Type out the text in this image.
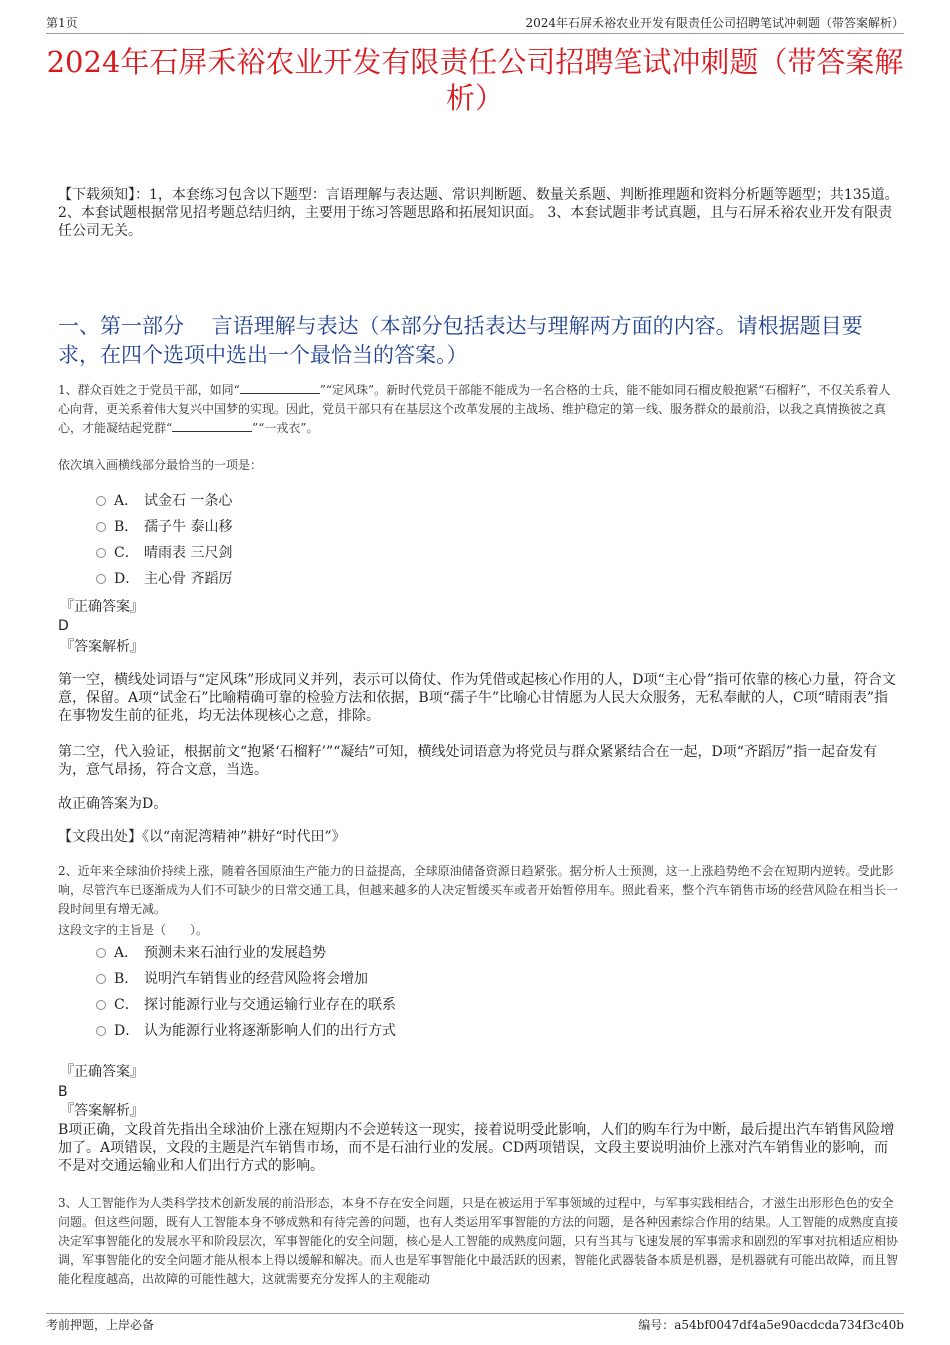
第1页	2024年石屏禾裕农业开发有限责任公司招聘笔试冲刺题（带答案解析）
2024年石屏禾裕农业开发有限责任公司招聘笔试冲刺题（带答案解析）
【下载须知】：1，本套练习包含以下题型：言语理解与表达题、常识判断题、数量关系题、判断推理题和资料分析题等题型；共135道。 2、本套试题根据常见招考题总结归纳，主要用于练习答题思路和拓展知识面。 3、本套试题非考试真题，且与石屏禾裕农业开发有限责任公司无关。
一、第一部分　 言语理解与表达（本部分包括表达与理解两方面的内容。请根据题目要求，在四个选项中选出一个最恰当的答案。）
1、群众百姓之于党员干部，如同“	”“定风珠”。新时代党员干部能不能成为一名合格的士兵，能不能如同石榴皮般抱紧“石榴籽”，不仅关系着人心向背，更关系着伟大复兴中国梦的实现。因此，党员干部只有在基层这个改革发展的主战场、维护稳定的第一线、服务群众的最前沿，以我之真情换彼之真心，才能凝结起党群“	”“一戎衣”。
依次填入画横线部分最恰当的一项是：
A． 试金石 一条心
B． 孺子牛 泰山移
C． 晴雨表 三尺剑
D． 主心骨 齐蹈厉
『正确答案』
D
『答案解析』
第一空，横线处词语与“定风珠”形成同义并列，表示可以倚仗、作为凭借或起核心作用的人，D项“主心骨”指可依靠的核心力量，符合文意，保留。A项“试金石”比喻精确可靠的检验方法和依据，B项“孺子牛”比喻心甘情愿为人民大众服务，无私奉献的人，C项“晴雨表”指在事物发生前的征兆，均无法体现核心之意，排除。
第二空，代入验证，根据前文“抱紧‘石榴籽’”“凝结”可知，横线处词语意为将党员与群众紧紧结合在一起，D项“齐蹈厉”指一起奋发有为，意气昂扬，符合文意，当选。
故正确答案为D。
【文段出处】《以“南泥湾精神”耕好“时代田”》
2、近年来全球油价持续上涨，随着各国原油生产能力的日益提高，全球原油储备资源日趋紧张。据分析人士预测，这一上涨趋势绝不会在短期内逆转。受此影响，尽管汽车已逐渐成为人们不可缺少的日常交通工具，但越来越多的人决定暂缓买车或者开始暂停用车。照此看来，整个汽车销售市场的经营风险在相当长一段时间里有增无减。
这段文字的主旨是（　　）。
A． 预测未来石油行业的发展趋势
B． 说明汽车销售业的经营风险将会增加
C． 探讨能源行业与交通运输行业存在的联系
D． 认为能源行业将逐渐影响人们的出行方式
『正确答案』
B
『答案解析』
B项正确，文段首先指出全球油价上涨在短期内不会逆转这一现实，接着说明受此影响，人们的购车行为中断，最后提出汽车销售风险增加了。A项错误，文段的主题是汽车销售市场，而不是石油行业的发展。CD两项错误，文段主要说明油价上涨对汽车销售业的影响，而不是对交通运输业和人们出行方式的影响。
3、人工智能作为人类科学技术创新发展的前沿形态，本身不存在安全问题，只是在被运用于军事领域的过程中，与军事实践相结合，才滋生出形形色色的安全问题。但这些问题，既有人工智能本身不够成熟和有待完善的问题，也有人类运用军事智能的方法的问题，是各种因素综合作用的结果。人工智能的成熟度直接决定军事智能化的发展水平和阶段层次，军事智能化的安全问题，核心是人工智能的成熟度问题，只有当其与飞速发展的军事需求和剧烈的军事对抗相适应相协调，军事智能化的安全问题才能从根本上得以缓解和解决。而人也是军事智能化中最活跃的因素，智能化武器装备本质是机器，是机器就有可能出故障，而且智能化程度越高，出故障的可能性越大，这就需要充分发挥人的主观能动
考前押题，上岸必备	编号：a54bf0047df4a5e90acdcda734f3c40b
